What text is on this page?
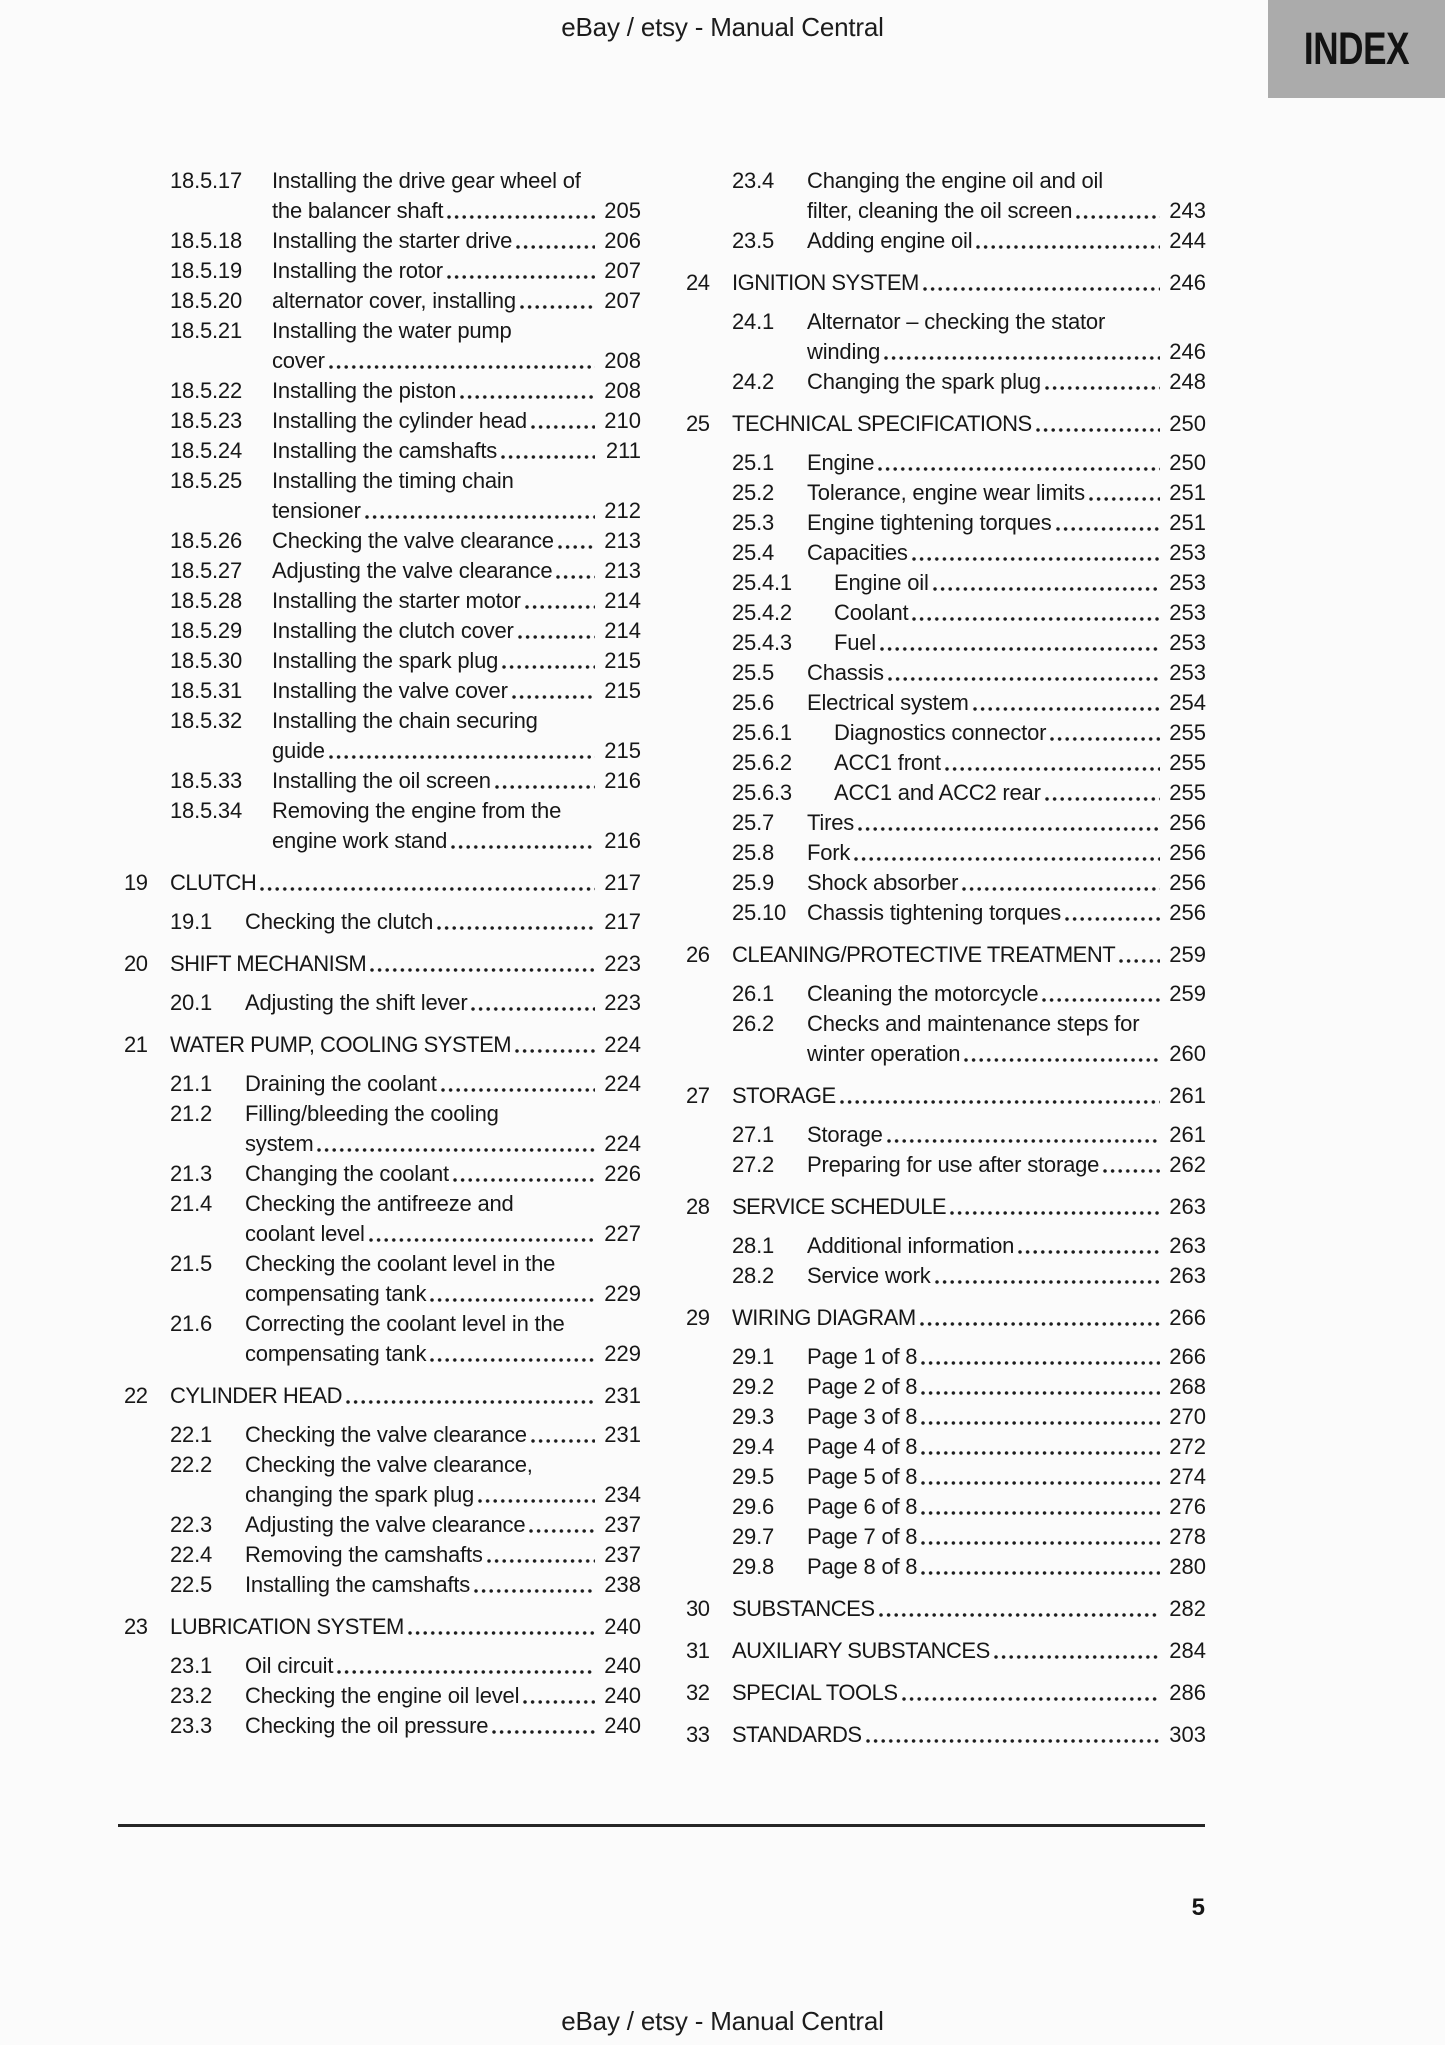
eBay / etsy - Manual Central	INDEX
18.5.17 Installing the drive gear wheel of
the balancer shaft	205
18.5.18 Installing the starter drive	206
18.5.19 Installing the rotor	207
18.5.20 alternator cover, installing	207
18.5.21 Installing the water pump
cover	208
18.5.22 Installing the piston	208
18.5.23 Installing the cylinder head	210
18.5.24 Installing the camshafts	211
18.5.25 Installing the timing chain
tensioner	212
18.5.26 Checking the valve clearance	213
18.5.27 Adjusting the valve clearance	213
18.5.28 Installing the starter motor	214
18.5.29 Installing the clutch cover	214
18.5.30 Installing the spark plug	215
18.5.31 Installing the valve cover	215
18.5.32 Installing the chain securing
guide	215
18.5.33 Installing the oil screen	216
18.5.34 Removing the engine from the
engine work stand	216
19 CLUTCH	217
19.1 Checking the clutch	217
20 SHIFT MECHANISM	223
20.1 Adjusting the shift lever	223
21 WATER PUMP, COOLING SYSTEM	224
21.1 Draining the coolant	224
21.2 Filling/bleeding the cooling
system	224
21.3 Changing the coolant	226
21.4 Checking the antifreeze and
coolant level	227
21.5 Checking the coolant level in the
compensating tank	229
21.6 Correcting the coolant level in the
compensating tank	229
22 CYLINDER HEAD	231
22.1 Checking the valve clearance	231
22.2 Checking the valve clearance,
changing the spark plug	234
22.3 Adjusting the valve clearance	237
22.4 Removing the camshafts	237
22.5 Installing the camshafts	238
23 LUBRICATION SYSTEM	240
23.1 Oil circuit	240
23.2 Checking the engine oil level	240
23.3 Checking the oil pressure	240
23.4 Changing the engine oil and oil
filter, cleaning the oil screen	243
23.5 Adding engine oil	244
24 IGNITION SYSTEM	246
24.1 Alternator – checking the stator
winding	246
24.2 Changing the spark plug	248
25 TECHNICAL SPECIFICATIONS	250
25.1 Engine	250
25.2 Tolerance, engine wear limits	251
25.3 Engine tightening torques	251
25.4 Capacities	253
25.4.1 Engine oil	253
25.4.2 Coolant	253
25.4.3 Fuel	253
25.5 Chassis	253
25.6 Electrical system	254
25.6.1 Diagnostics connector	255
25.6.2 ACC1 front	255
25.6.3 ACC1 and ACC2 rear	255
25.7 Tires	256
25.8 Fork	256
25.9 Shock absorber	256
25.10 Chassis tightening torques	256
26 CLEANING/PROTECTIVE TREATMENT	259
26.1 Cleaning the motorcycle	259
26.2 Checks and maintenance steps for
winter operation	260
27 STORAGE	261
27.1 Storage	261
27.2 Preparing for use after storage	262
28 SERVICE SCHEDULE	263
28.1 Additional information	263
28.2 Service work	263
29 WIRING DIAGRAM	266
29.1 Page 1 of 8	266
29.2 Page 2 of 8	268
29.3 Page 3 of 8	270
29.4 Page 4 of 8	272
29.5 Page 5 of 8	274
29.6 Page 6 of 8	276
29.7 Page 7 of 8	278
29.8 Page 8 of 8	280
30 SUBSTANCES	282
31 AUXILIARY SUBSTANCES	284
32 SPECIAL TOOLS	286
33 STANDARDS	303
5
eBay / etsy - Manual Central
